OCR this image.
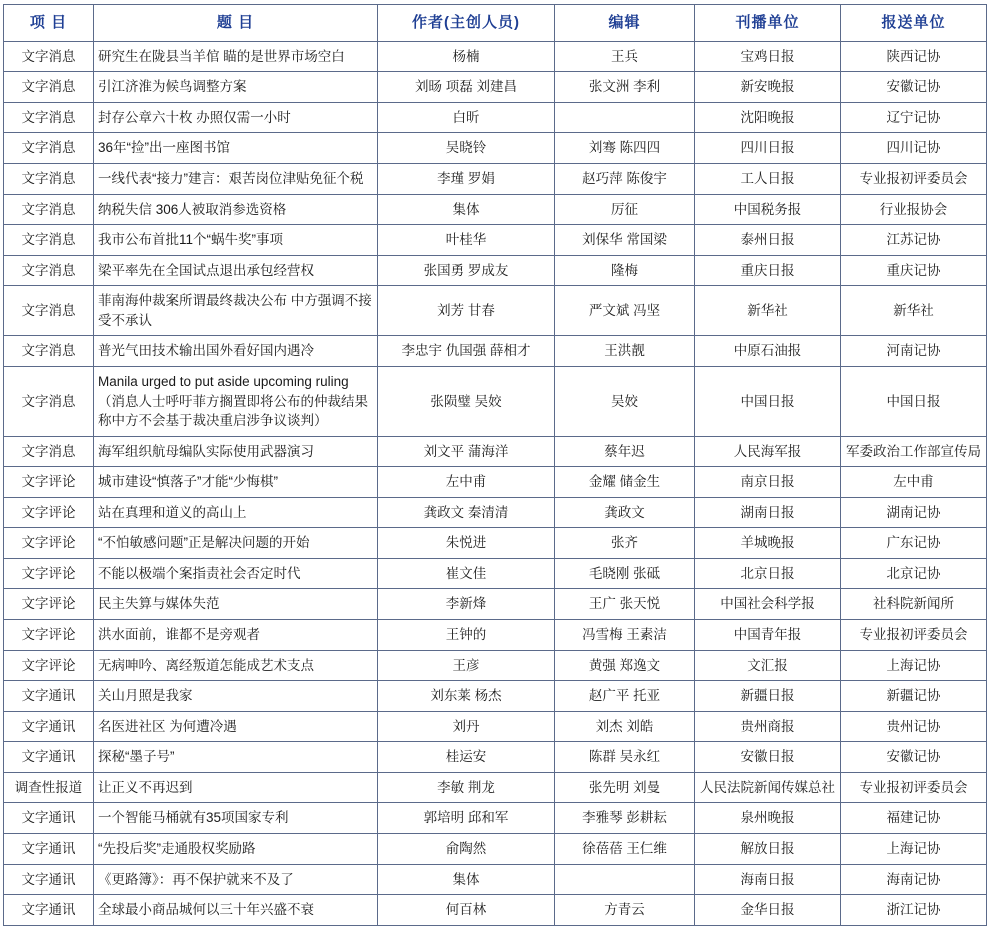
项 目	题 目	作者(主创人员)	编辑	刊播单位	报送单位
文字消息	研究生在陇县当羊倌 瞄的是世界市场空白	杨楠	王兵	宝鸡日报	陕西记协
文字消息	引江济淮为候鸟调整方案	刘旸 项磊 刘建昌	张文洲 李利	新安晚报	安徽记协
文字消息	封存公章六十枚 办照仅需一小时	白昕		沈阳晚报	辽宁记协
文字消息	36年“捡”出一座图书馆	吴晓铃	刘骞 陈四四	四川日报	四川记协
文字消息	一线代表“接力”建言：艰苦岗位津贴免征个税	李瑾 罗娟	赵巧萍 陈俊宇	工人日报	专业报初评委员会
文字消息	纳税失信 306人被取消参选资格	集体	厉征	中国税务报	行业报协会
文字消息	我市公布首批11个“蜗牛奖”事项	叶桂华	刘保华 常国梁	泰州日报	江苏记协
文字消息	梁平率先在全国试点退出承包经营权	张国勇 罗成友	隆梅	重庆日报	重庆记协
文字消息	菲南海仲裁案所谓最终裁决公布 中方强调不接受不承认	刘芳 甘春	严文斌 冯坚	新华社	新华社
文字消息	普光气田技术输出国外看好国内遇冷	李忠宇 仇国强 薛相才	王洪靓	中原石油报	河南记协
文字消息	Manila urged to put aside upcoming ruling （消息人士呼吁菲方搁置即将公布的仲裁结果 称中方不会基于裁决重启涉争议谈判）	张陨璧 吴姣	吴姣	中国日报	中国日报
文字消息	海军组织航母编队实际使用武器演习	刘文平 蒲海洋	蔡年迟	人民海军报	军委政治工作部宣传局
文字评论	城市建设“慎落子”才能“少悔棋”	左中甫	金耀 储金生	南京日报	左中甫
文字评论	站在真理和道义的高山上	龚政文 秦清清	龚政文	湖南日报	湖南记协
文字评论	“不怕敏感问题”正是解决问题的开始	朱悦进	张齐	羊城晚报	广东记协
文字评论	不能以极端个案指责社会否定时代	崔文佳	毛晓刚 张砥	北京日报	北京记协
文字评论	民主失算与媒体失范	李新烽	王广 张天悦	中国社会科学报	社科院新闻所
文字评论	洪水面前，谁都不是旁观者	王钟的	冯雪梅 王素洁	中国青年报	专业报初评委员会
文字评论	无病呻吟、离经叛道怎能成艺术支点	王彦	黄强 郑逸文	文汇报	上海记协
文字通讯	关山月照是我家	刘东莱 杨杰	赵广平 托亚	新疆日报	新疆记协
文字通讯	名医进社区 为何遭冷遇	刘丹	刘杰 刘皓	贵州商报	贵州记协
文字通讯	探秘“墨子号”	桂运安	陈群 吴永红	安徽日报	安徽记协
调查性报道	让正义不再迟到	李敏 荆龙	张先明 刘曼	人民法院新闻传媒总社	专业报初评委员会
文字通讯	一个智能马桶就有35项国家专利	郭培明 邱和军	李雅琴 彭耕耘	泉州晚报	福建记协
文字通讯	“先投后奖”走通股权奖励路	俞陶然	徐蓓蓓 王仁维	解放日报	上海记协
文字通讯	《更路簿》：再不保护就来不及了	集体		海南日报	海南记协
文字通讯	全球最小商品城何以三十年兴盛不衰	何百林	方青云	金华日报	浙江记协
